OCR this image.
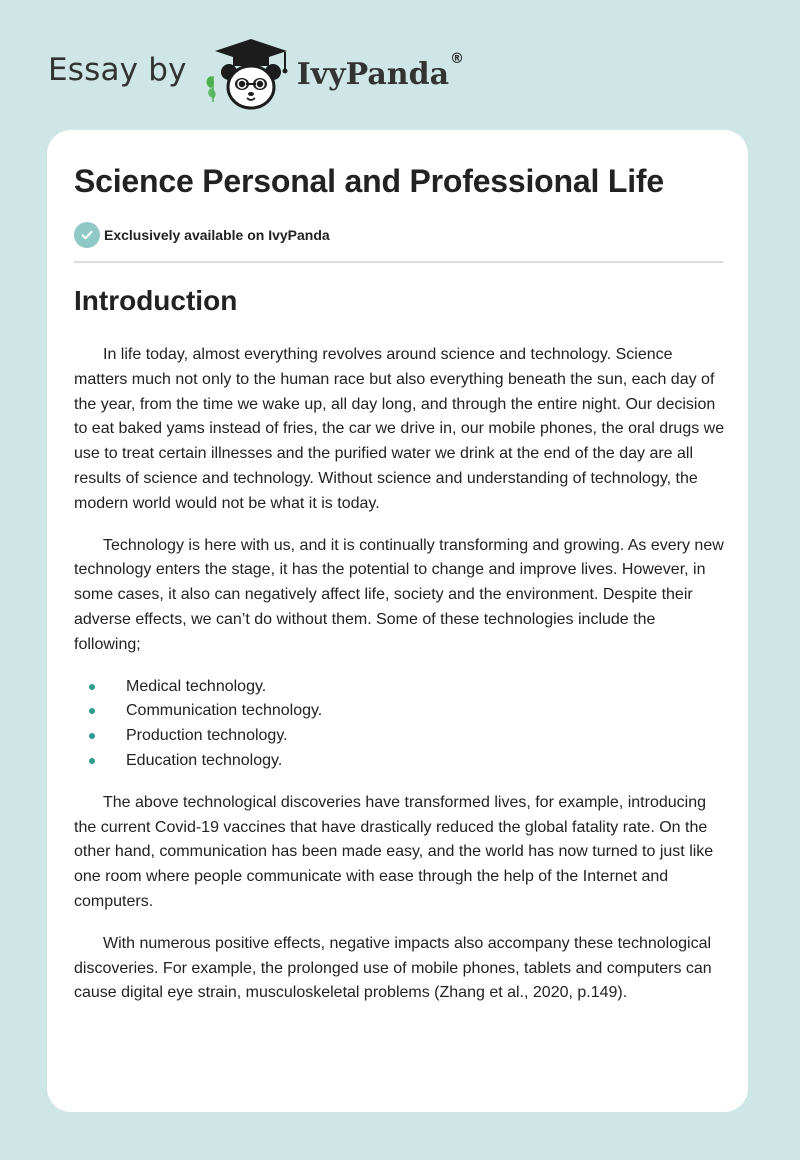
Essay by	IvyPanda®
Science Personal and Professional Life
Exclusively available on IvyPanda
Introduction

In life today, almost everything revolves around science and technology. Science matters much not only to the human race but also everything beneath the sun, each day of the year, from the time we wake up, all day long, and through the entire night. Our decision to eat baked yams instead of fries, the car we drive in, our mobile phones, the oral drugs we use to treat certain illnesses and the purified water we drink at the end of the day are all results of science and technology. Without science and understanding of technology, the modern world would not be what it is today.

Technology is here with us, and it is continually transforming and growing. As every new technology enters the stage, it has the potential to change and improve lives. However, in some cases, it also can negatively affect life, society and the environment. Despite their adverse effects, we can’t do without them. Some of these technologies include the following;

Medical technology.
Communication technology.
Production technology.
Education technology.

The above technological discoveries have transformed lives, for example, introducing the current Covid-19 vaccines that have drastically reduced the global fatality rate. On the other hand, communication has been made easy, and the world has now turned to just like one room where people communicate with ease through the help of the Internet and computers.

With numerous positive effects, negative impacts also accompany these technological discoveries. For example, the prolonged use of mobile phones, tablets and computers can cause digital eye strain, musculoskeletal problems (Zhang et al., 2020, p.149).
